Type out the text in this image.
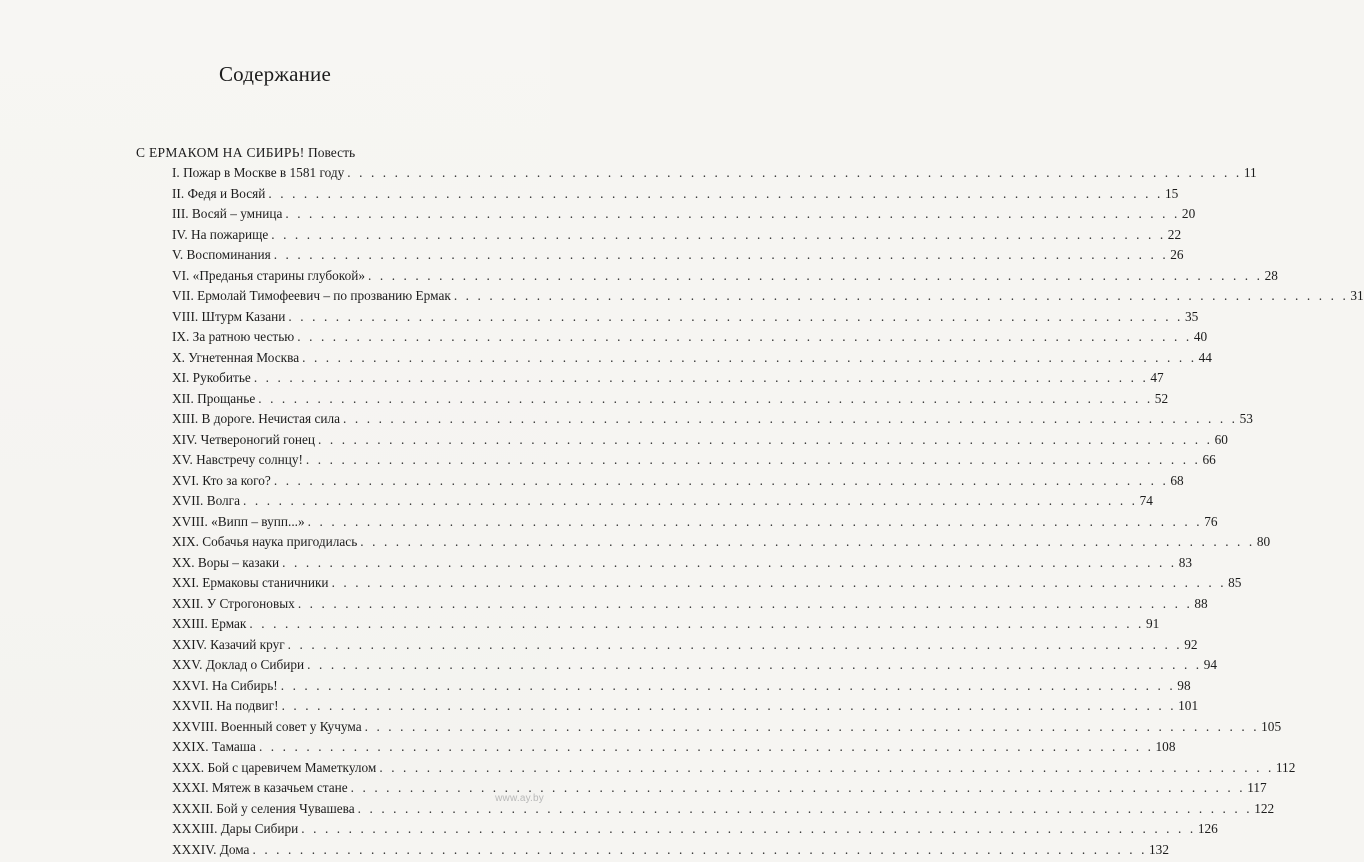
Содержание
С ЕРМАКОМ НА СИБИРЬ! Повесть
I. Пожар в Москве в 1581 году . . .	11
II. Федя и Восяй . . .	15
III. Восяй – умница . . .	20
IV. На пожарище . . .	22
V. Воспоминания . . .	26
VI. «Преданья старины глубокой» . . .	28
VII. Ермолай Тимофеевич – по прозванию Ермак . . .	31
VIII. Штурм Казани . . .	35
IX. За ратною честью . . .	40
X. Угнетенная Москва . . .	44
XI. Рукобитье . . .	47
XII. Прощанье . . .	52
XIII. В дороге. Нечистая сила . . .	53
XIV. Четвероногий гонец . . .	60
XV. Навстречу солнцу! . . .	66
XVI. Кто за кого? . . .	68
XVII. Волга . . .	74
XVIII. «Випп – вупп...» . . .	76
XIX. Собачья наука пригодилась . . .	80
XX. Воры – казаки . . .	83
XXI. Ермаковы станичники . . .	85
XXII. У Строгоновых . . .	88
XXIII. Ермак . . .	91
XXIV. Казачий круг . . .	92
XXV. Доклад о Сибири . . .	94
XXVI. На Сибирь! . . .	98
XXVII. На подвиг! . . .	101
XXVIII. Военный совет у Кучума . . .	105
XXIX. Тамаша . . .	108
XXX. Бой с царевичем Маметкулом . . .	112
XXXI. Мятеж в казачьем стане . . .	117
XXXII. Бой у селения Чувашева . . .	122
XXXIII. Дары Сибири . . .	126
XXXIV. Дома . . .	132
www.ay.by
